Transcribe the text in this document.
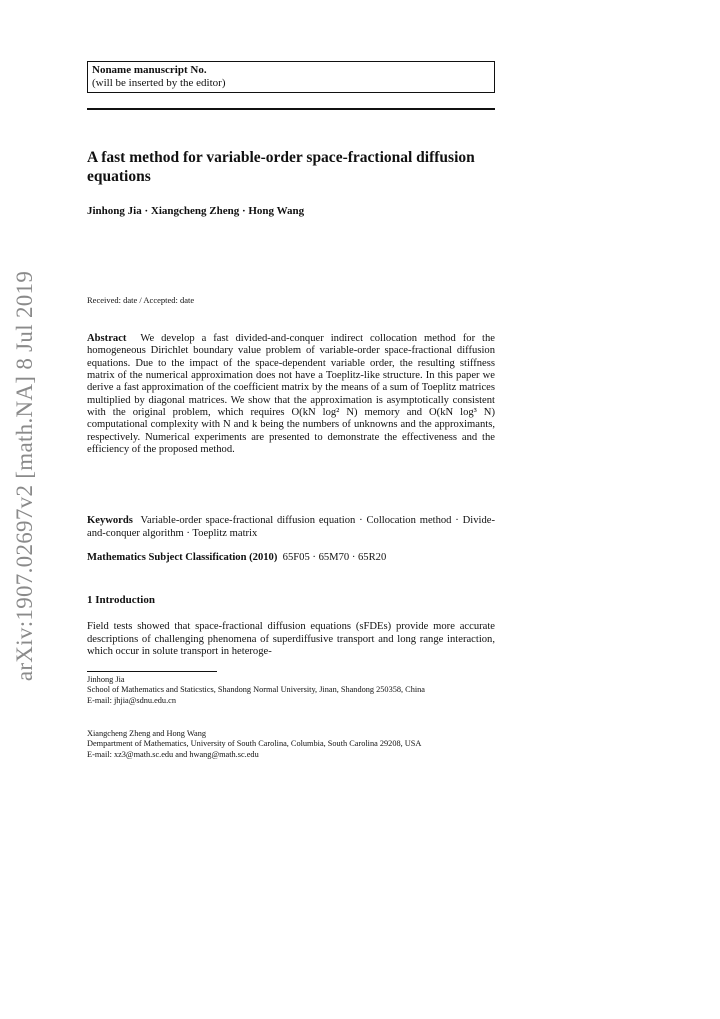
arXiv:1907.02697v2 [math.NA] 8 Jul 2019
Noname manuscript No.
(will be inserted by the editor)
A fast method for variable-order space-fractional diffusion equations
Jinhong Jia · Xiangcheng Zheng · Hong Wang
Received: date / Accepted: date

Abstract We develop a fast divided-and-conquer indirect collocation method for the homogeneous Dirichlet boundary value problem of variable-order space-fractional diffusion equations. Due to the impact of the space-dependent variable order, the resulting stiffness matrix of the numerical approximation does not have a Toeplitz-like structure. In this paper we derive a fast approximation of the coefficient matrix by the means of a sum of Toeplitz matrices multiplied by diagonal matrices. We show that the approximation is asymptotically consistent with the original problem, which requires O(kN log² N) memory and O(kN log³ N) computational complexity with N and k being the numbers of unknowns and the approximants, respectively. Numerical experiments are presented to demonstrate the effectiveness and the efficiency of the proposed method.

Keywords Variable-order space-fractional diffusion equation · Collocation method · Divide-and-conquer algorithm · Toeplitz matrix
Mathematics Subject Classification (2010) 65F05 · 65M70 · 65R20
1 Introduction
Field tests showed that space-fractional diffusion equations (sFDEs) provide more accurate descriptions of challenging phenomena of superdiffusive transport and long range interaction, which occur in solute transport in heteroge-

Jinhong Jia

School of Mathematics and Staticstics, Shandong Normal University, Jinan, Shandong 250358, China

E-mail: jhjia@sdnu.edu.cn

Xiangcheng Zheng and Hong Wang

Dempartment of Mathematics, University of South Carolina, Columbia, South Carolina 29208, USA

E-mail: xz3@math.sc.edu and hwang@math.sc.edu
